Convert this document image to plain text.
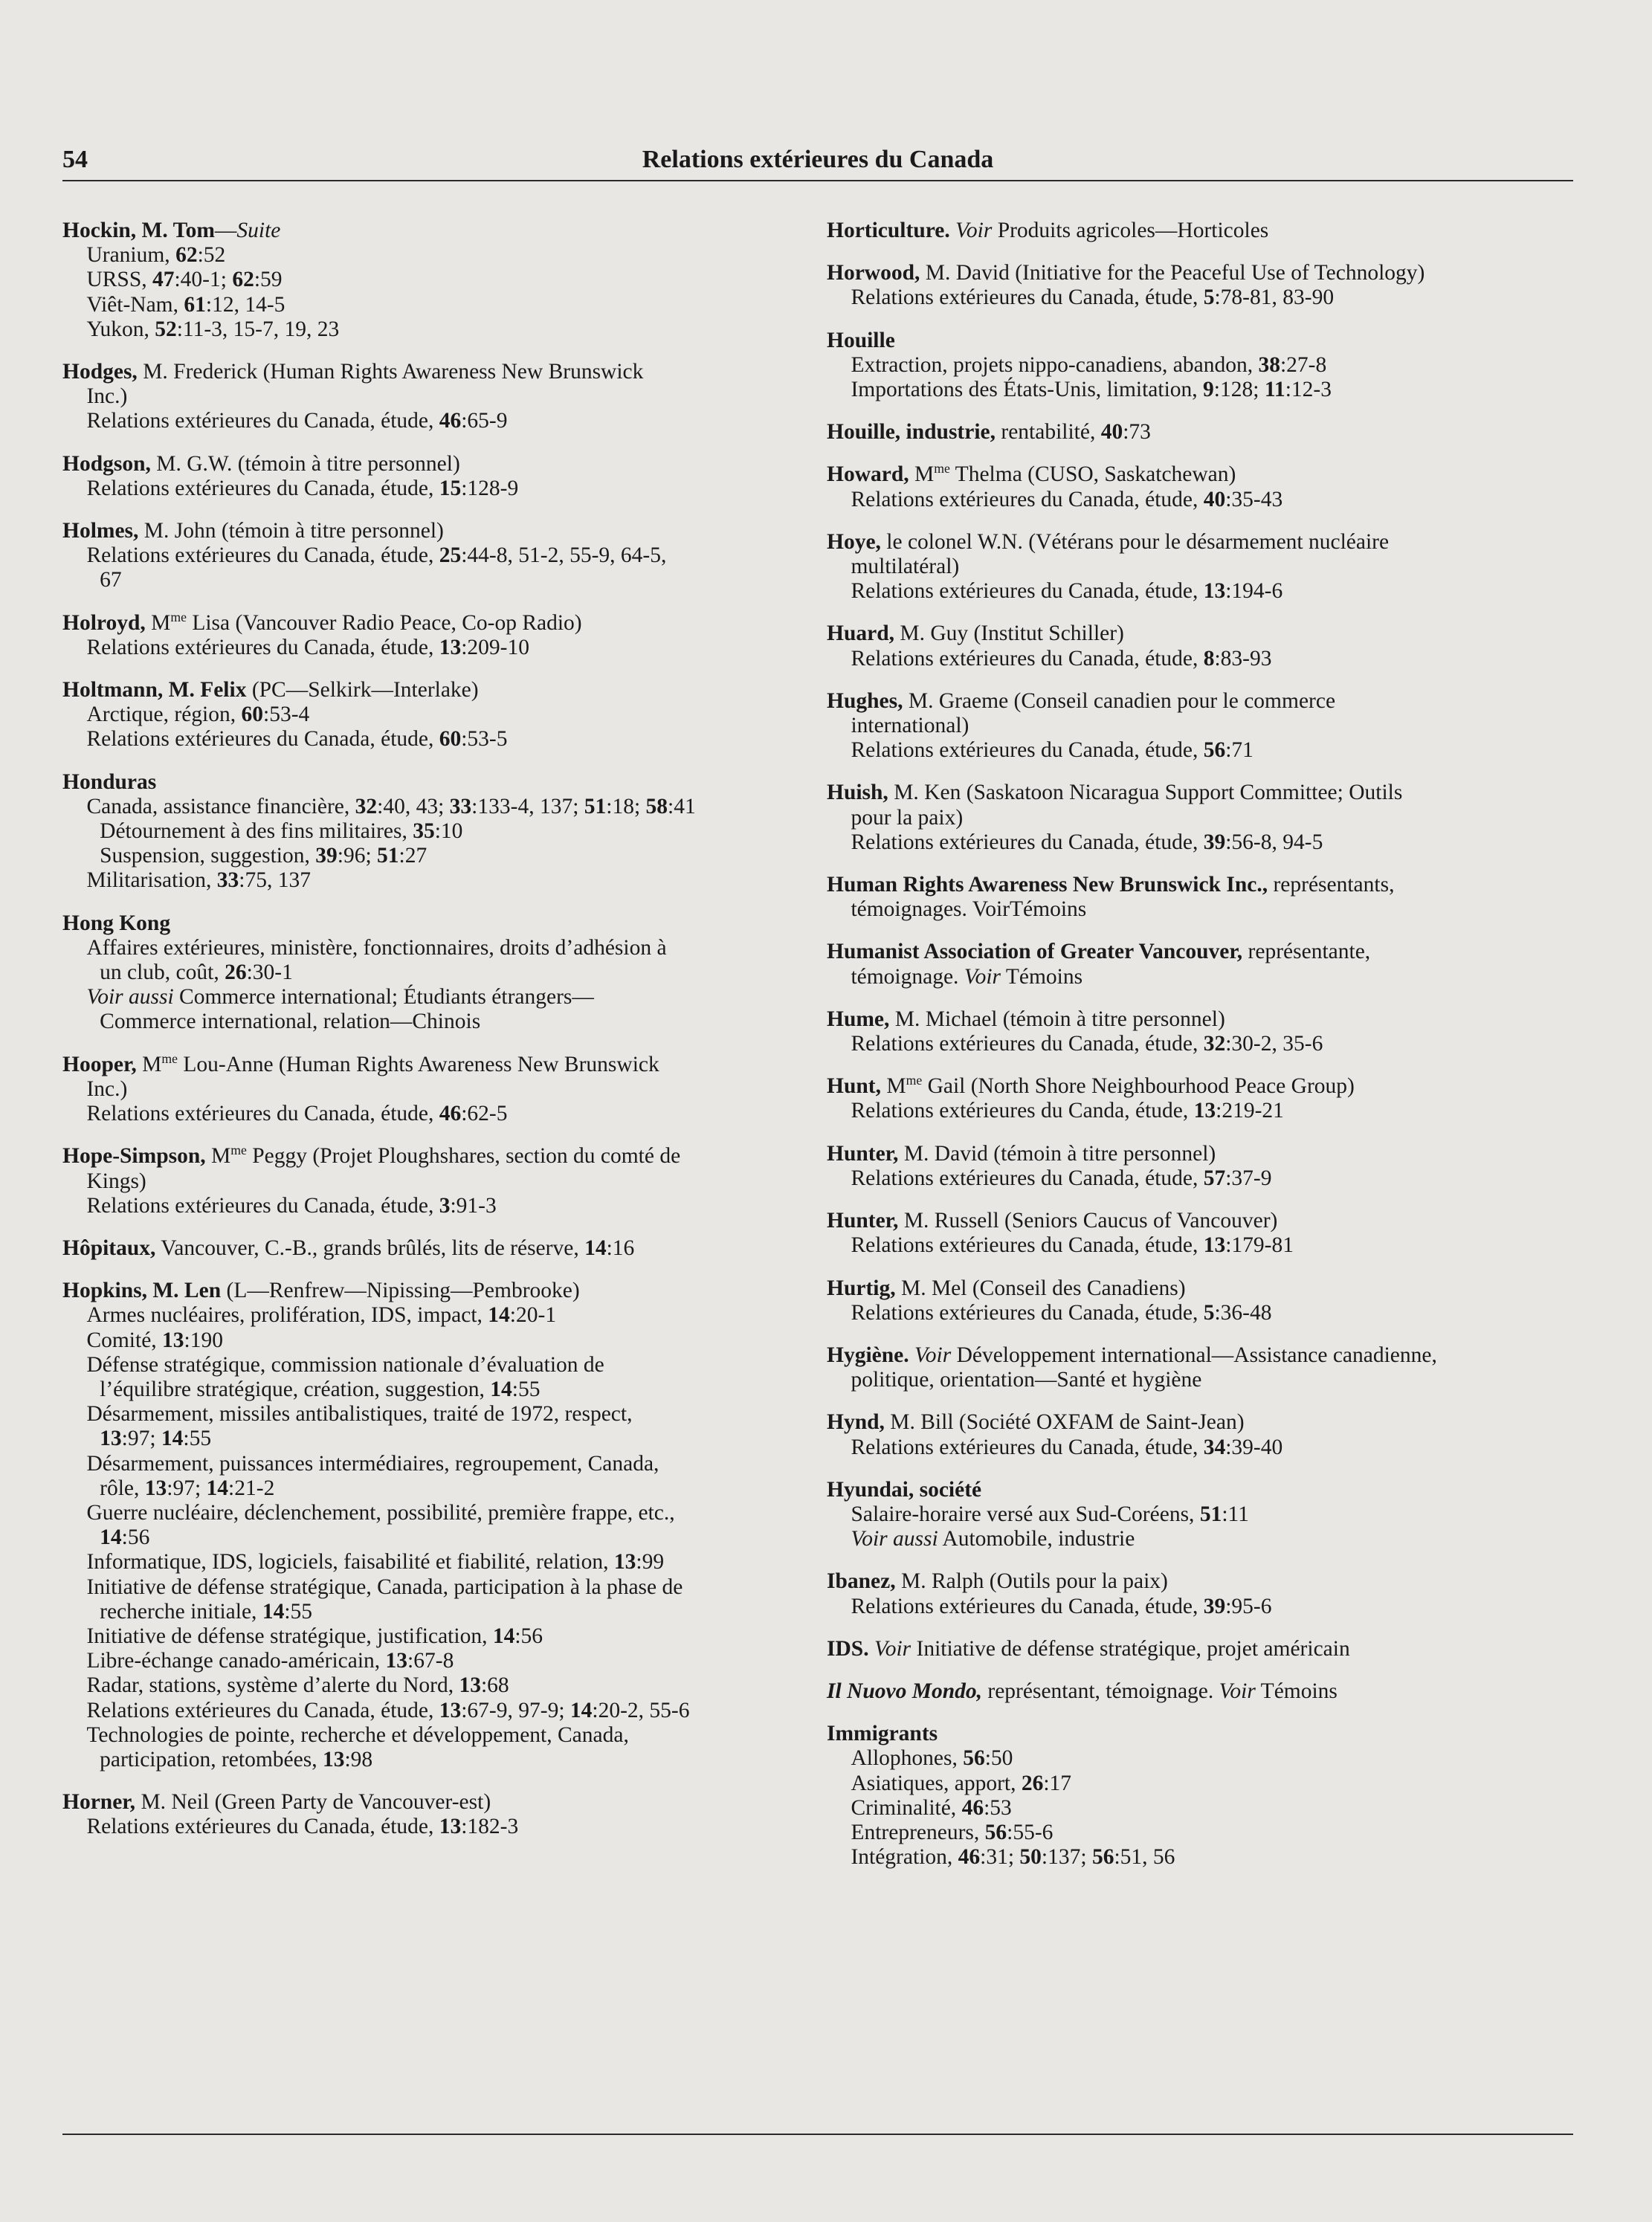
54	Relations extérieures du Canada
Hockin, M. Tom—Suite
Uranium, 62:52
URSS, 47:40-1; 62:59
Viêt-Nam, 61:12, 14-5
Yukon, 52:11-3, 15-7, 19, 23
Hodges, M. Frederick (Human Rights Awareness New Brunswick
Inc.)
Relations extérieures du Canada, étude, 46:65-9
Hodgson, M. G.W. (témoin à titre personnel)
Relations extérieures du Canada, étude, 15:128-9
Holmes, M. John (témoin à titre personnel)
Relations extérieures du Canada, étude, 25:44-8, 51-2, 55-9, 64-5,
67
Holroyd, $M^{me}$ Lisa (Vancouver Radio Peace, Co-op Radio)
Relations extérieures du Canada, étude, 13:209-10
Holtmann, M. Felix (PC—Selkirk—Interlake)
Arctique, région, 60:53-4
Relations extérieures du Canada, étude, 60:53-5
Honduras
Canada, assistance financière, 32:40, 43; 33:133-4, 137; 51:18; 58:41
Détournement à des fins militaires, 35:10
Suspension, suggestion, 39:96; 51:27
Militarisation, 33:75, 137
Hong Kong
Affaires extérieures, ministère, fonctionnaires, droits d’adhésion à
un club, coût, 26:30-1
Voir aussi Commerce international; Étudiants étrangers—
Commerce international, relation—Chinois
Hooper, $M^{me}$ Lou-Anne (Human Rights Awareness New Brunswick
Inc.)
Relations extérieures du Canada, étude, 46:62-5
Hope-Simpson, $M^{me}$ Peggy (Projet Ploughshares, section du comté de
Kings)
Relations extérieures du Canada, étude, 3:91-3
Hôpitaux, Vancouver, C.-B., grands brûlés, lits de réserve, 14:16
Hopkins, M. Len (L—Renfrew—Nipissing—Pembrooke)
Armes nucléaires, prolifération, IDS, impact, 14:20-1
Comité, 13:190
Défense stratégique, commission nationale d’évaluation de
l’équilibre stratégique, création, suggestion, 14:55
Désarmement, missiles antibalistiques, traité de 1972, respect,
13:97; 14:55
Désarmement, puissances intermédiaires, regroupement, Canada,
rôle, 13:97; 14:21-2
Guerre nucléaire, déclenchement, possibilité, première frappe, etc.,
14:56
Informatique, IDS, logiciels, faisabilité et fiabilité, relation, 13:99
Initiative de défense stratégique, Canada, participation à la phase de
recherche initiale, 14:55
Initiative de défense stratégique, justification, 14:56
Libre-échange canado-américain, 13:67-8
Radar, stations, système d’alerte du Nord, 13:68
Relations extérieures du Canada, étude, 13:67-9, 97-9; 14:20-2, 55-6
Technologies de pointe, recherche et développement, Canada,
participation, retombées, 13:98
Horner, M. Neil (Green Party de Vancouver-est)
Relations extérieures du Canada, étude, 13:182-3
Horticulture. Voir Produits agricoles—Horticoles
Horwood, M. David (Initiative for the Peaceful Use of Technology)
Relations extérieures du Canada, étude, 5:78-81, 83-90
Houille
Extraction, projets nippo-canadiens, abandon, 38:27-8
Importations des États-Unis, limitation, 9:128; 11:12-3
Houille, industrie, rentabilité, 40:73
Howard, $M^{me}$ Thelma (CUSO, Saskatchewan)
Relations extérieures du Canada, étude, 40:35-43
Hoye, le colonel W.N. (Vétérans pour le désarmement nucléaire
multilatéral)
Relations extérieures du Canada, étude, 13:194-6
Huard, M. Guy (Institut Schiller)
Relations extérieures du Canada, étude, 8:83-93
Hughes, M. Graeme (Conseil canadien pour le commerce
international)
Relations extérieures du Canada, étude, 56:71
Huish, M. Ken (Saskatoon Nicaragua Support Committee; Outils
pour la paix)
Relations extérieures du Canada, étude, 39:56-8, 94-5
Human Rights Awareness New Brunswick Inc., représentants,
témoignages. VoirTémoins
Humanist Association of Greater Vancouver, représentante,
témoignage. Voir Témoins
Hume, M. Michael (témoin à titre personnel)
Relations extérieures du Canada, étude, 32:30-2, 35-6
Hunt, $M^{me}$ Gail (North Shore Neighbourhood Peace Group)
Relations extérieures du Canda, étude, 13:219-21
Hunter, M. David (témoin à titre personnel)
Relations extérieures du Canada, étude, 57:37-9
Hunter, M. Russell (Seniors Caucus of Vancouver)
Relations extérieures du Canada, étude, 13:179-81
Hurtig, M. Mel (Conseil des Canadiens)
Relations extérieures du Canada, étude, 5:36-48
Hygiène. Voir Développement international—Assistance canadienne,
politique, orientation—Santé et hygiène
Hynd, M. Bill (Société OXFAM de Saint-Jean)
Relations extérieures du Canada, étude, 34:39-40
Hyundai, société
Salaire-horaire versé aux Sud-Coréens, 51:11
Voir aussi Automobile, industrie
Ibanez, M. Ralph (Outils pour la paix)
Relations extérieures du Canada, étude, 39:95-6
IDS. Voir Initiative de défense stratégique, projet américain
Il Nuovo Mondo, représentant, témoignage. Voir Témoins
Immigrants
Allophones, 56:50
Asiatiques, apport, 26:17
Criminalité, 46:53
Entrepreneurs, 56:55-6
Intégration, 46:31; 50:137; 56:51, 56
